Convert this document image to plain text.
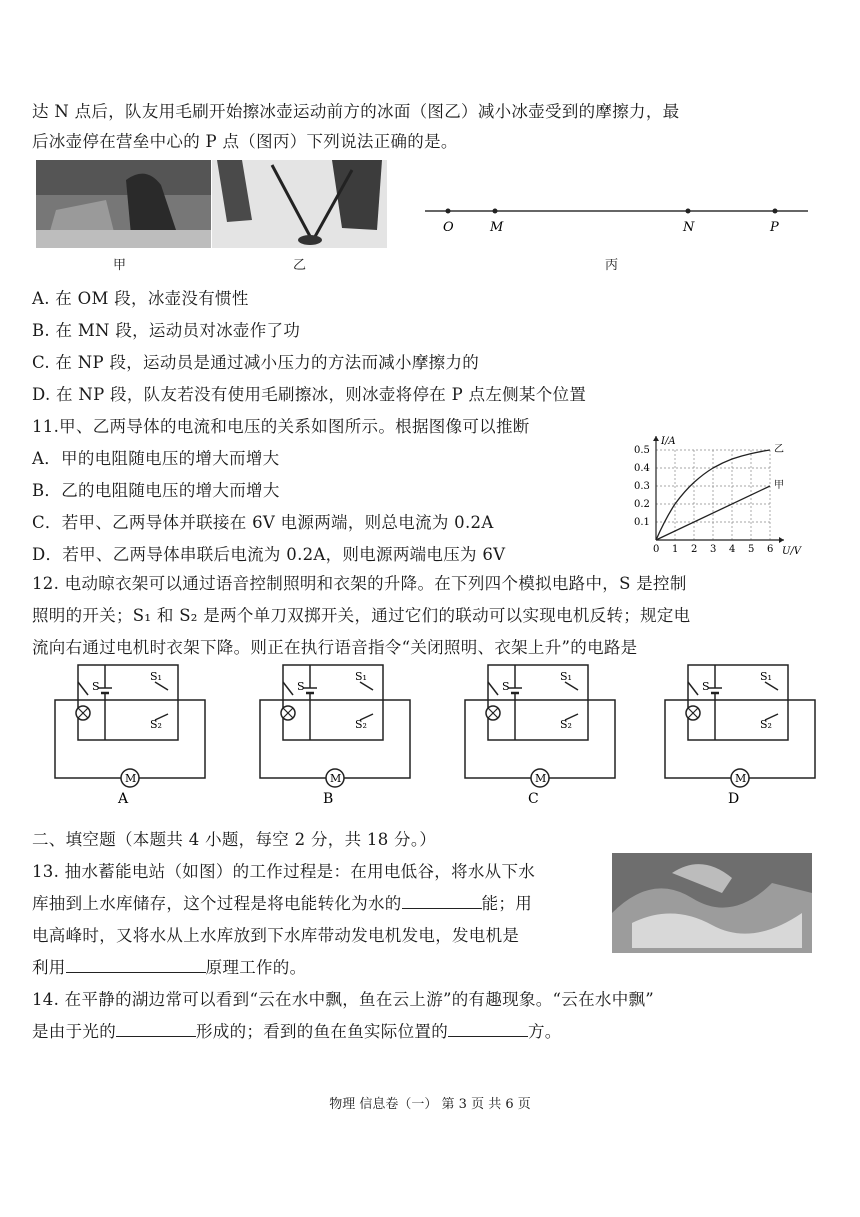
达 N 点后，队友用毛刷开始擦冰壶运动前方的冰面（图乙）减小冰壶受到的摩擦力，最
后冰壶停在营垒中心的 P 点（图丙）下列说法正确的是。
甲	乙
O	M	N	P
丙
A. 在 OM 段，冰壶没有惯性
B. 在 MN 段，运动员对冰壶作了功
C. 在 NP 段，运动员是通过减小压力的方法而减小摩擦力的
D. 在 NP 段，队友若没有使用毛刷擦冰，则冰壶将停在 P 点左侧某个位置
11.甲、乙两导体的电流和电压的关系如图所示。根据图像可以推断
A．甲的电阻随电压的增大而增大
B．乙的电阻随电压的增大而增大
C．若甲、乙两导体并联接在 6V 电源两端，则总电流为 0.2A
D．若甲、乙两导体串联后电流为 0.2A，则电源两端电压为 6V	0 1 2 3 4 5 6
0.1
0.2
0.3
0.4
0.5
I/A
U/V
乙
甲
12. 电动晾衣架可以通过语音控制照明和衣架的升降。在下列四个模拟电路中，S 是控制
照明的开关；S₁ 和 S₂ 是两个单刀双掷开关，通过它们的联动可以实现电机反转；规定电
流向右通过电机时衣架下降。则正在执行语音指令“关闭照明、衣架上升”的电路是
S
S₁
S₂
M
A
S
S₁
S₂
M
B
S
S₁
S₂
M
C
S
S₁
S₂
M
D
二、填空题（本题共 4 小题，每空 2 分，共 18 分。）
13. 抽水蓄能电站（如图）的工作过程是：在用电低谷，将水从下水
库抽到上水库储存，这个过程是将电能转化为水的	能；用
电高峰时，又将水从上水库放到下水库带动发电机发电，发电机是
利用	原理工作的。
14. 在平静的湖边常可以看到“云在水中飘，鱼在云上游”的有趣现象。“云在水中飘”
是由于光的	形成的；看到的鱼在鱼实际位置的	方。
物理 信息卷（一） 第 3 页 共 6 页
